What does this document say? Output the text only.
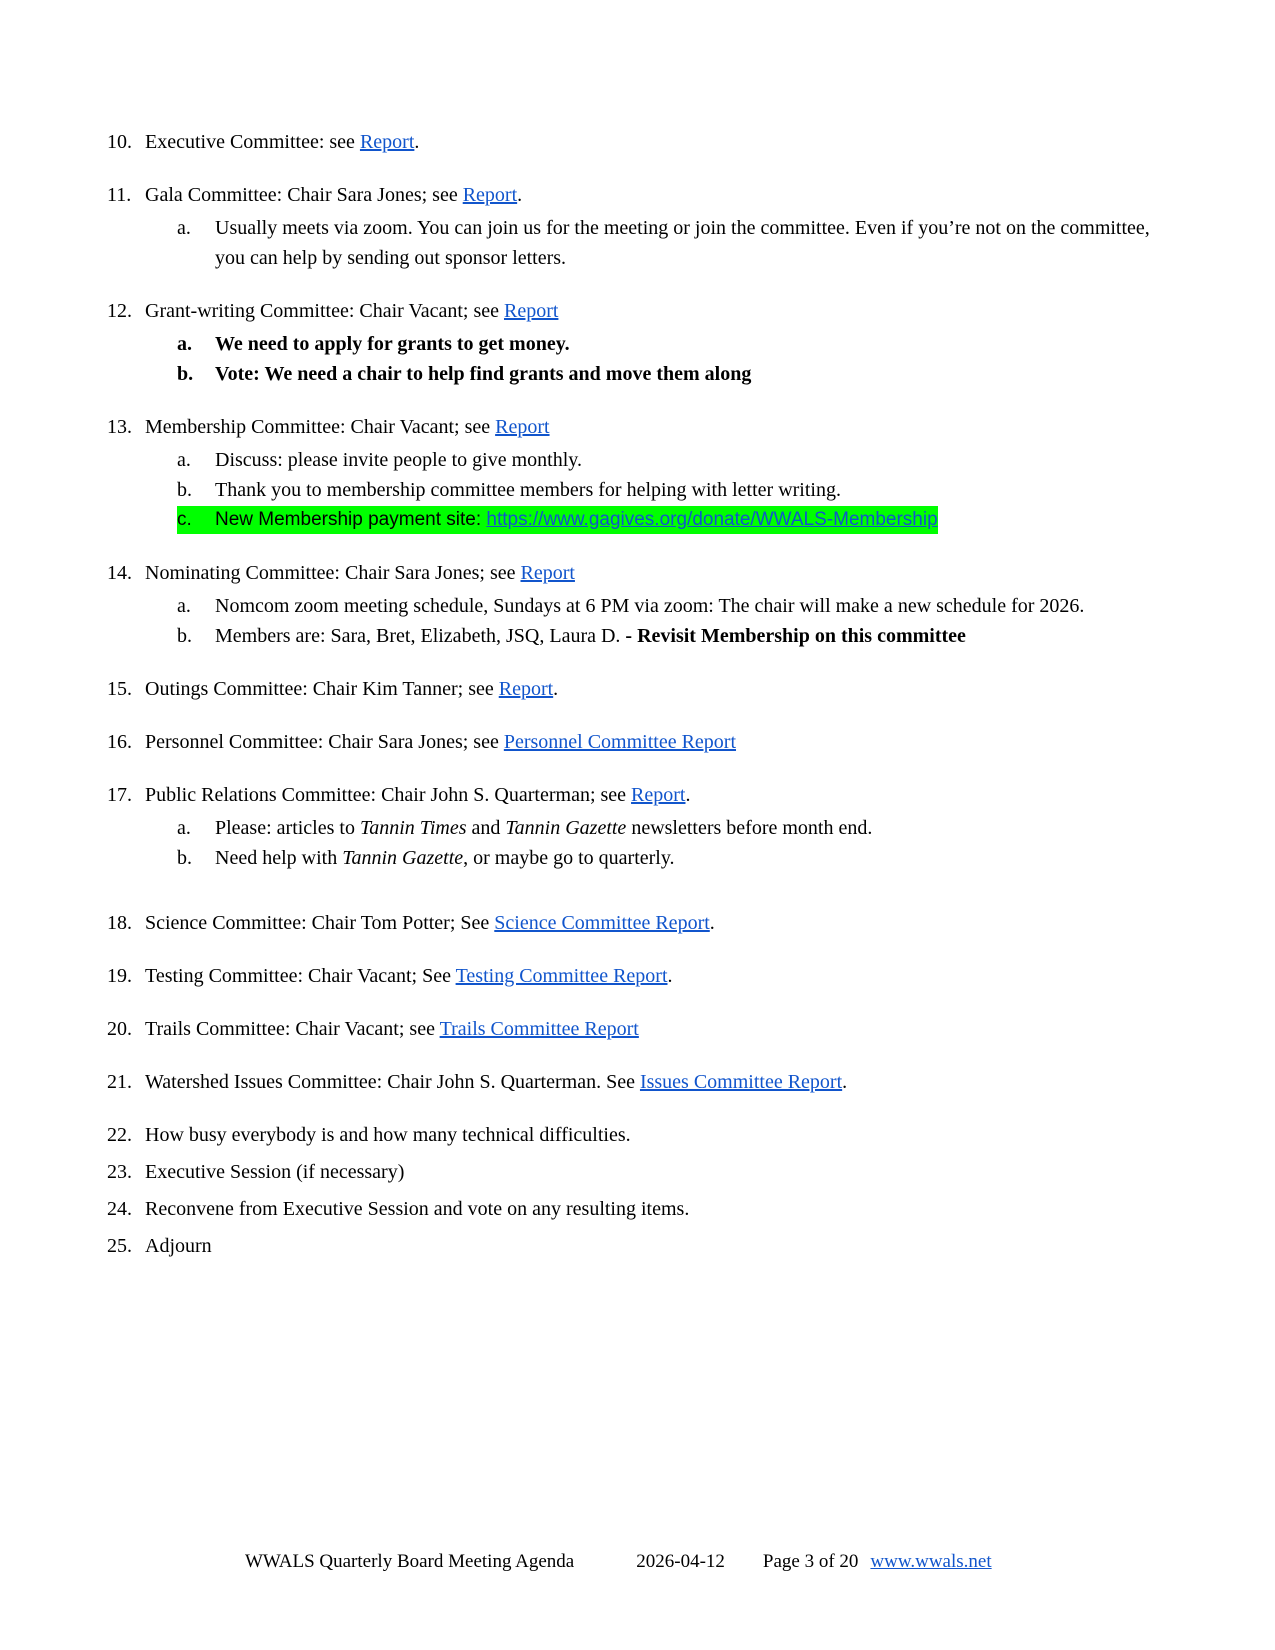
10. Executive Committee: see Report.
11. Gala Committee: Chair Sara Jones; see Report.
a.	Usually meets via zoom. You can join us for the meeting or join the committee. Even if you’re not on the committee, you can help by sending out sponsor letters.
12. Grant-writing Committee: Chair Vacant; see Report
a.	We need to apply for grants to get money.
b.	Vote: We need a chair to help find grants and move them along
13. Membership Committee: Chair Vacant; see Report
a.	Discuss: please invite people to give monthly.
b.	Thank you to membership committee members for helping with letter writing.
c.	New Membership payment site: https://www.gagives.org/donate/WWALS-Membership
14. Nominating Committee: Chair Sara Jones; see Report
a.	Nomcom zoom meeting schedule, Sundays at 6 PM via zoom: The chair will make a new schedule for 2026.
b.	Members are: Sara, Bret, Elizabeth, JSQ, Laura D. - Revisit Membership on this committee
15. Outings Committee: Chair Kim Tanner; see Report.
16. Personnel Committee: Chair Sara Jones; see Personnel Committee Report
17. Public Relations Committee: Chair John S. Quarterman; see Report.
a.	Please: articles to Tannin Times and Tannin Gazette newsletters before month end.
b.	Need help with Tannin Gazette, or maybe go to quarterly.
18. Science Committee: Chair Tom Potter; See Science Committee Report.
19. Testing Committee: Chair Vacant; See Testing Committee Report.
20. Trails Committee: Chair Vacant; see Trails Committee Report
21. Watershed Issues Committee: Chair John S. Quarterman. See Issues Committee Report.
22. How busy everybody is and how many technical difficulties.
23. Executive Session (if necessary)
24. Reconvene from Executive Session and vote on any resulting items.
25. Adjourn
WWALS Quarterly Board Meeting Agenda	2026-04-12 Page 3 of 20 www.wwals.net
